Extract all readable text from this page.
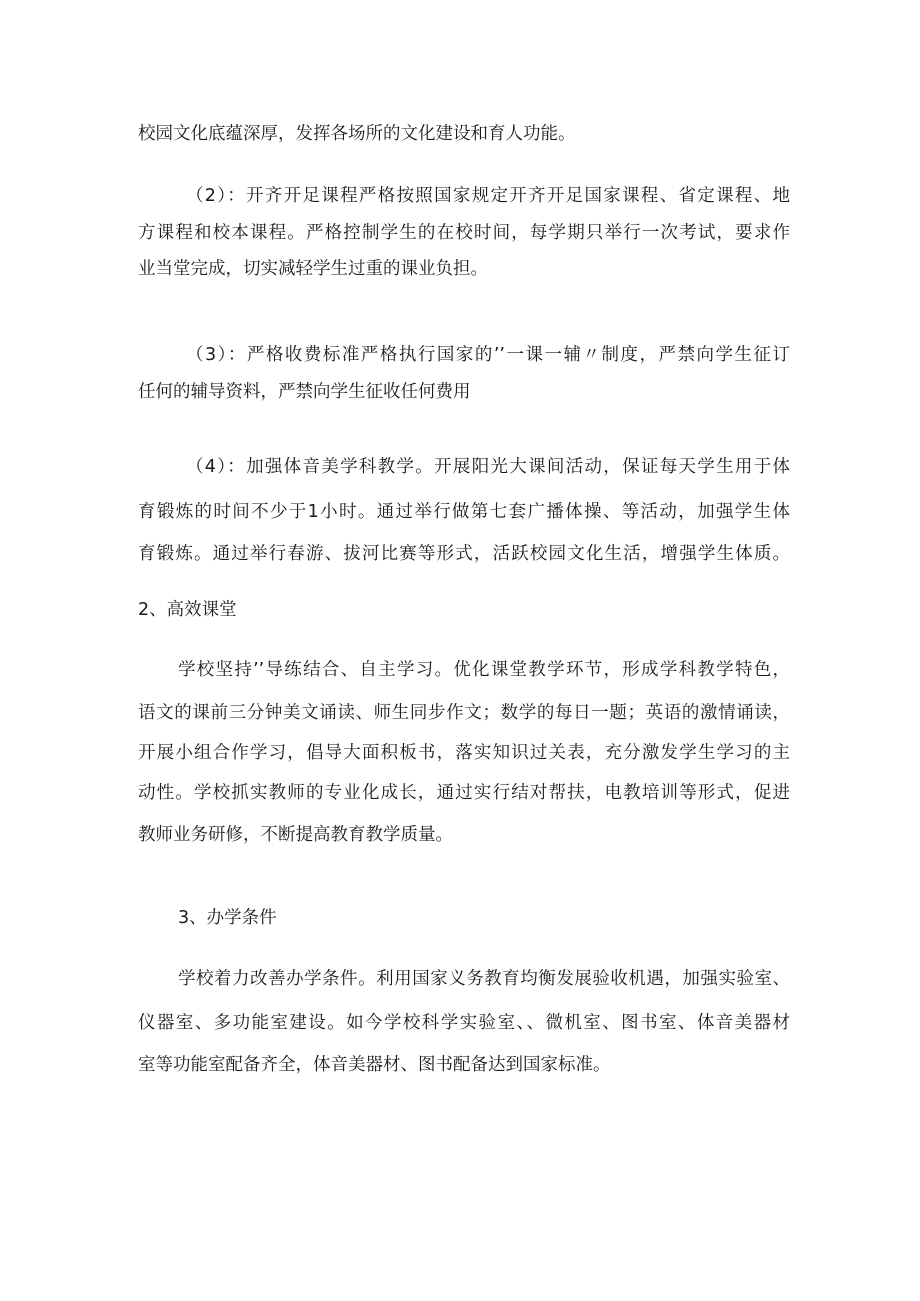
校园文化底蕴深厚，发挥各场所的文化建设和育人功能。
（2）：开齐开足课程严格按照国家规定开齐开足国家课程、省定课程、地
方课程和校本课程。严格控制学生的在校时间，每学期只举行一次考试，要求作
业当堂完成，切实减轻学生过重的课业负担。
（3）：严格收费标准严格执行国家的’’一课一辅〃制度，严禁向学生征订
任何的辅导资料，严禁向学生征收任何费用
（4）：加强体音美学科教学。开展阳光大课间活动，保证每天学生用于体
育锻炼的时间不少于1小时。通过举行做第七套广播体操、等活动，加强学生体
育锻炼。通过举行春游、拔河比赛等形式，活跃校园文化生活，增强学生体质。
2、高效课堂
学校坚持’’导练结合、自主学习。优化课堂教学环节，形成学科教学特色，
语文的课前三分钟美文诵读、师生同步作文；数学的每日一题；英语的激情诵读，
开展小组合作学习，倡导大面积板书，落实知识过关表，充分激发学生学习的主
动性。学校抓实教师的专业化成长，通过实行结对帮扶，电教培训等形式，促进
教师业务研修，不断提高教育教学质量。
3、办学条件
学校着力改善办学条件。利用国家义务教育均衡发展验收机遇，加强实验室、
仪器室、多功能室建设。如今学校科学实验室、、微机室、图书室、体音美器材
室等功能室配备齐全，体音美器材、图书配备达到国家标准。
